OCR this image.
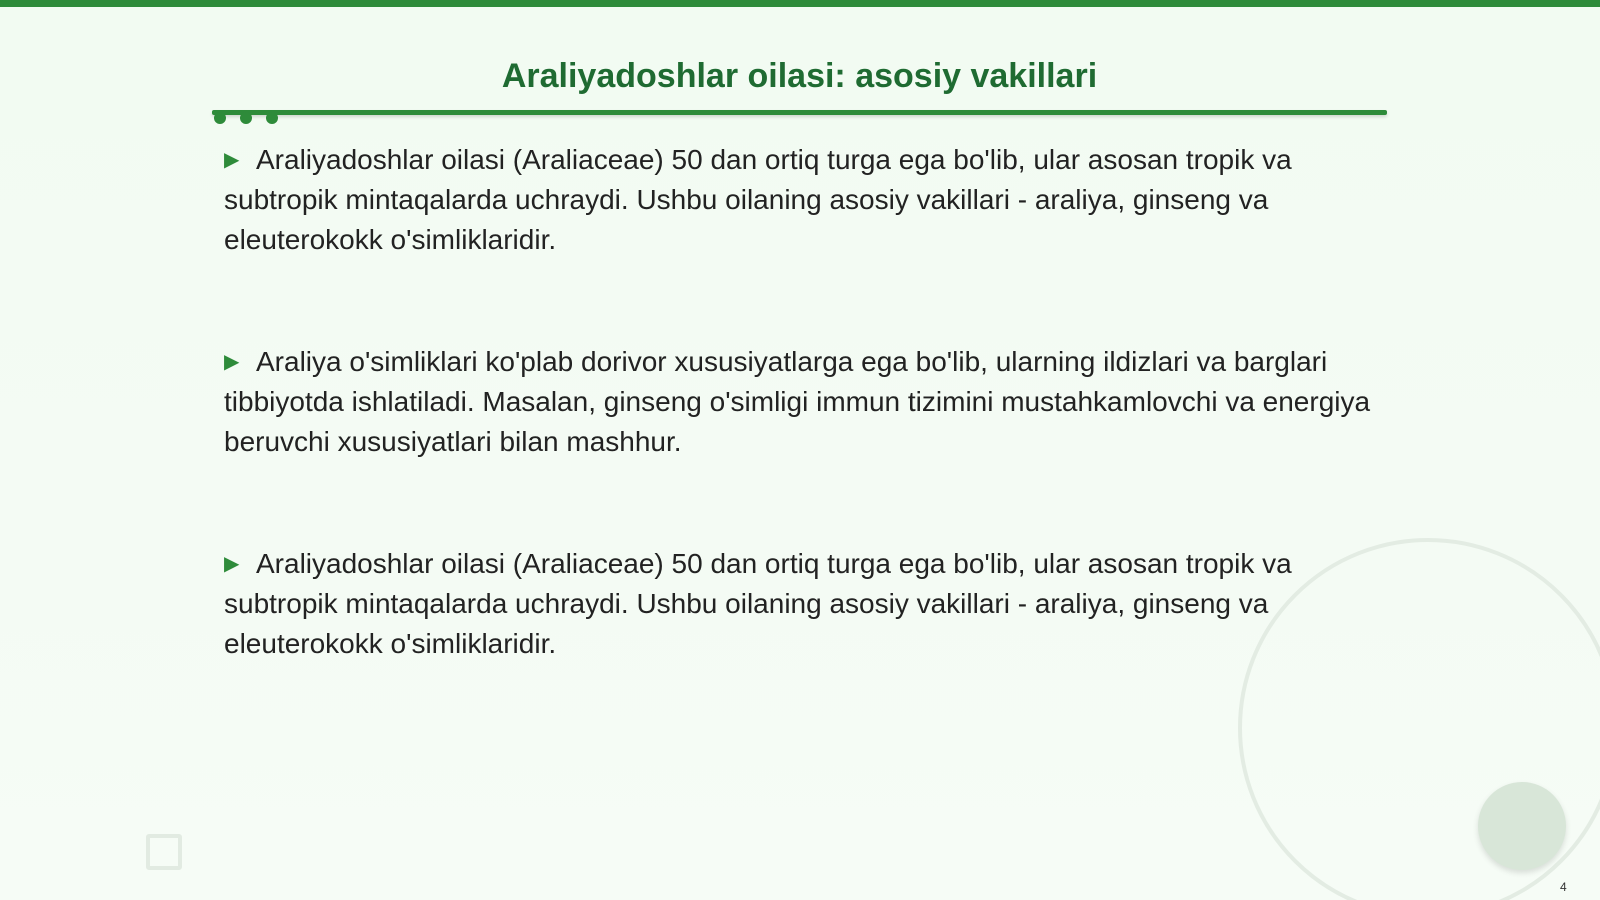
Araliyadoshlar oilasi: asosiy vakillari

▶ Araliyadoshlar oilasi (Araliaceae) 50 dan ortiq turga ega bo'lib, ular asosan tropik va subtropik mintaqalarda uchraydi. Ushbu oilaning asosiy vakillari - araliya, ginseng va eleuterokokk o'simliklaridir.

▶ Araliya o'simliklari ko'plab dorivor xususiyatlarga ega bo'lib, ularning ildizlari va barglari tibbiyotda ishlatiladi. Masalan, ginseng o'simligi immun tizimini mustahkamlovchi va energiya beruvchi xususiyatlari bilan mashhur.

▶ Araliyadoshlar oilasi (Araliaceae) 50 dan ortiq turga ega bo'lib, ular asosan tropik va subtropik mintaqalarda uchraydi. Ushbu oilaning asosiy vakillari - araliya, ginseng va eleuterokokk o'simliklaridir.

4
